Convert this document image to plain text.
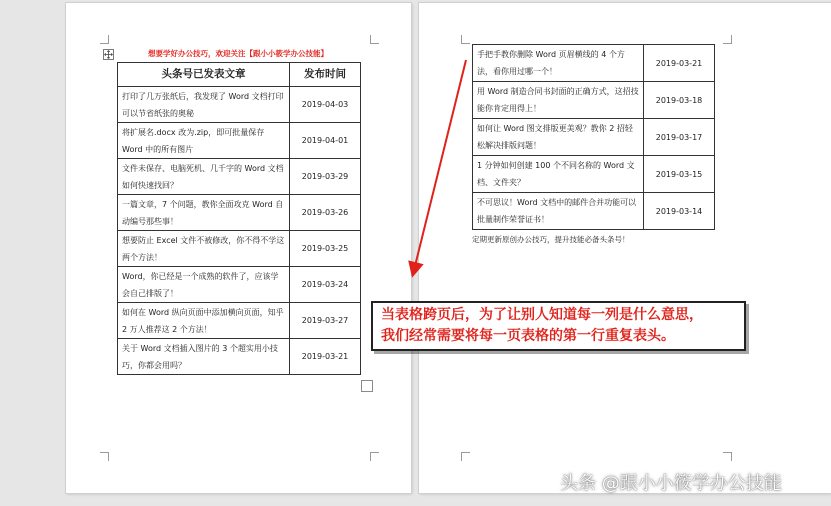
想要学好办公技巧，欢迎关注【跟小小筱学办公技能】
头条号已发表文章	发布时间
打印了几万张纸后，我发现了 Word 文档打印可以节省纸张的奥秘	2019-04-03
将扩展名.docx 改为.zip，即可批量保存 Word 中的所有图片	2019-04-01
文件未保存、电脑死机、几千字的 Word 文档如何快速找回？	2019-03-29
一篇文章，7 个问题，教你全面攻克 Word 自动编号那些事！	2019-03-26
想要防止 Excel 文件不被修改，你不得不学这两个方法！	2019-03-25
Word，你已经是一个成熟的软件了，应该学会自己排版了！	2019-03-24
如何在 Word 纵向页面中添加横向页面，知乎 2 万人推荐这 2 个方法！	2019-03-27
关于 Word 文档插入图片的 3 个超实用小技巧，你都会用吗？	2019-03-21
手把手教你删除 Word 页眉横线的 4 个方法，看你用过哪一个！	2019-03-21
用 Word 制造合同书封面的正确方式，这招技能你肯定用得上！	2019-03-18
如何让 Word 图文排版更美观？教你 2 招轻松解决排版问题！	2019-03-17
1 分钟如何创建 100 个不同名称的 Word 文档、文件夹？	2019-03-15
不可思议！Word 文档中的邮件合并功能可以批量制作荣誉证书！	2019-03-14
定期更新原创办公技巧，提升技能必备头条号！
当表格跨页后，为了让别人知道每一列是什么意思，
我们经常需要将每一页表格的第一行重复表头。
头条 @跟小小筱学办公技能
